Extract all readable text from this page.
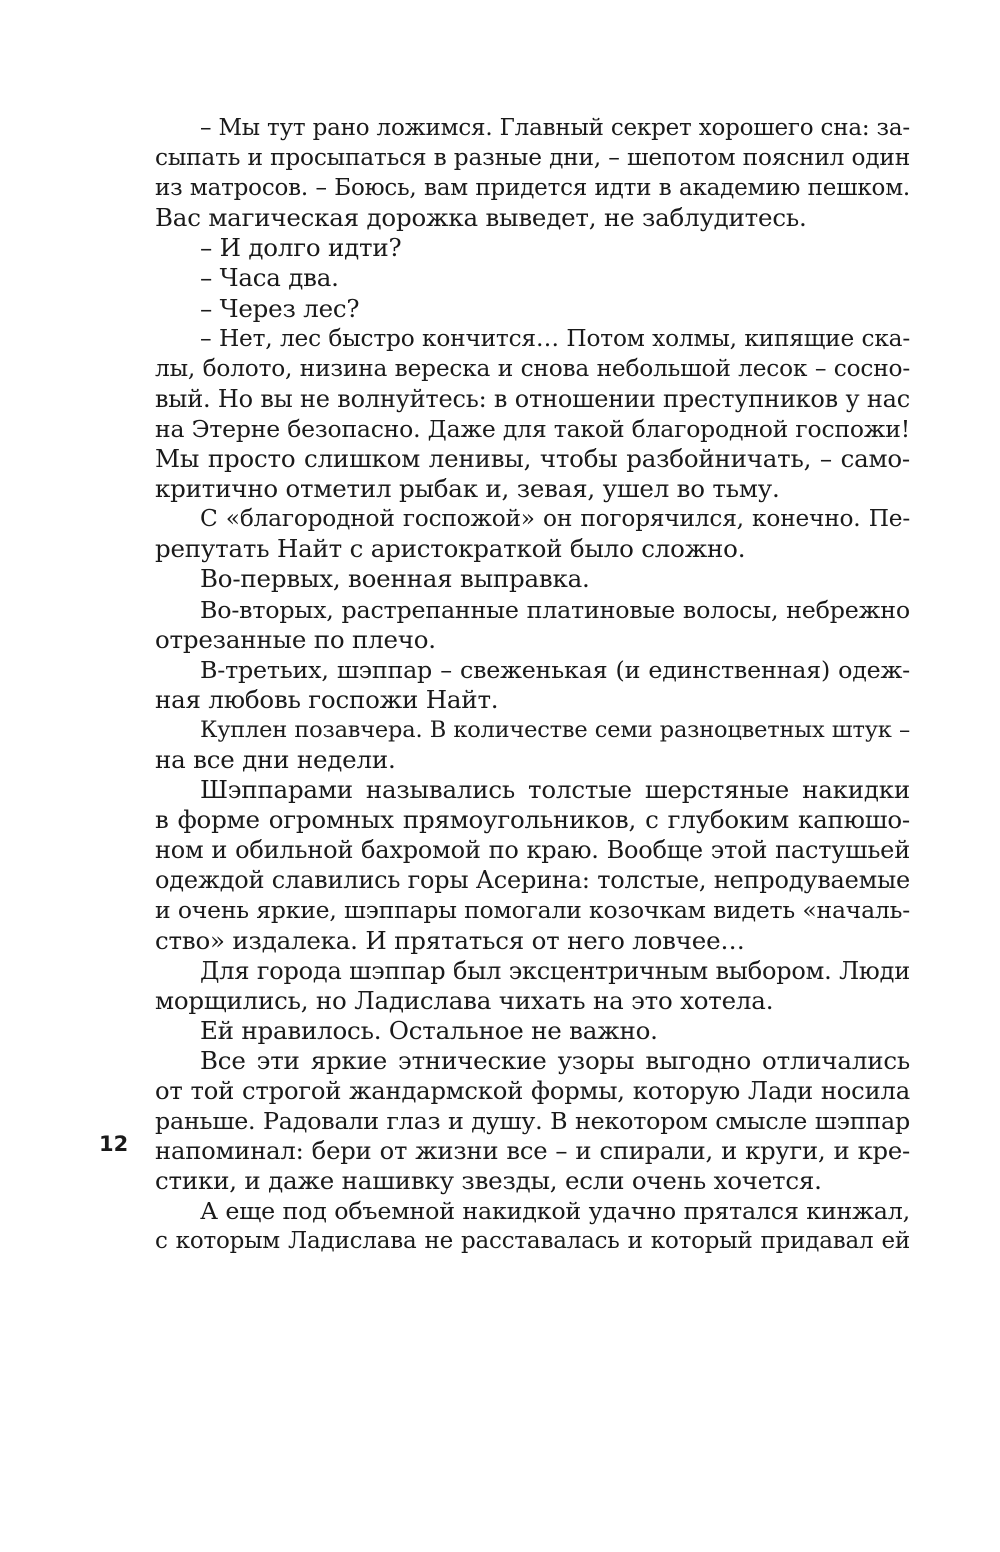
– Мы тут рано ложимся. Главный секрет хорошего сна: за-
сыпать и просыпаться в разные дни, – шепотом пояснил один
из матросов. – Боюсь, вам придется идти в академию пешком.
Вас магическая дорожка выведет, не заблудитесь.
– И долго идти?
– Часа два.
– Через лес?
– Нет, лес быстро кончится… Потом холмы, кипящие ска-
лы, болото, низина вереска и снова небольшой лесок – сосно-
вый. Но вы не волнуйтесь: в отношении преступников у нас
на Этерне безопасно. Даже для такой благородной госпожи!
Мы просто слишком ленивы, чтобы разбойничать, – само-
критично отметил рыбак и, зевая, ушел во тьму.
С «благородной госпожой» он погорячился, конечно. Пе-
репутать Найт с аристократкой было сложно.
Во-первых, военная выправка.
Во-вторых, растрепанные платиновые волосы, небрежно
отрезанные по плечо.
В-третьих, шэппар – свеженькая (и единственная) одеж-
ная любовь госпожи Найт.
Куплен позавчера. В количестве семи разноцветных штук –
на все дни недели.
Шэппарами назывались толстые шерстяные накидки
в форме огромных прямоугольников, с глубоким капюшо-
ном и обильной бахромой по краю. Вообще этой пастушьей
одеждой славились горы Асерина: толстые, непродуваемые
и очень яркие, шэппары помогали козочкам видеть «началь-
ство» издалека. И прятаться от него ловчее…
Для города шэппар был эксцентричным выбором. Люди
морщились, но Ладислава чихать на это хотела.
Ей нравилось. Остальное не важно.
Все эти яркие этнические узоры выгодно отличались
от той строгой жандармской формы, которую Лади носила
раньше. Радовали глаз и душу. В некотором смысле шэппар
напоминал: бери от жизни все – и спирали, и круги, и кре-
стики, и даже нашивку звезды, если очень хочется.
А еще под объемной накидкой удачно прятался кинжал,
с которым Ладислава не расставалась и который придавал ей
12
